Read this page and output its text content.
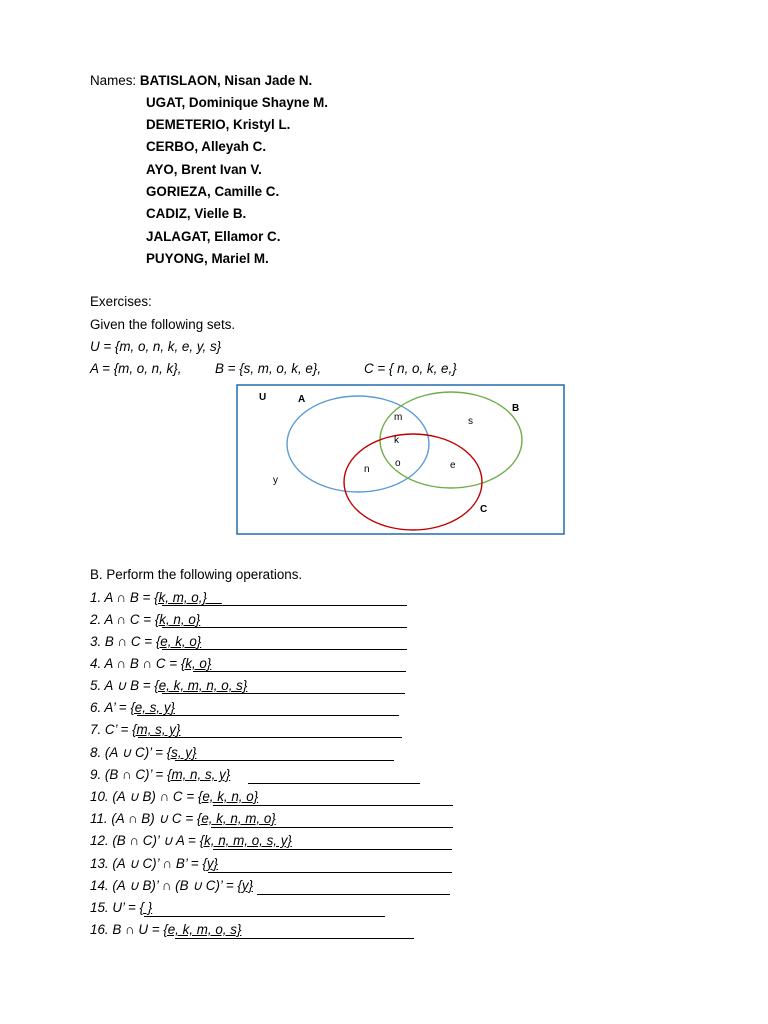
Names: BATISLAON, Nisan Jade N.
UGAT, Dominique Shayne M.
DEMETERIO, Kristyl L.
CERBO, Alleyah C.
AYO, Brent Ivan V.
GORIEZA, Camille C.
CADIZ, Vielle B.
JALAGAT, Ellamor C.
PUYONG, Mariel M.
Exercises:
Given the following sets.
U = {m, o, n, k, e, y, s}
A = {m, o, n, k},	B = {s, m, o, k, e},	C = { n, o, k, e,}
U	A
B
C
m	s
k
o
n	e
y
B. Perform the following operations.
1. A ∩ B = {k, m, o,}__
2. A ∩ C = {k, n, o}
3. B ∩ C = {e, k, o}
4. A ∩ B ∩ C = {k, o}
5. A ∪ B = {e, k, m, n, o, s}
6. A’ = {e, s, y}
7. C’ = {m, s, y}
8. (A ∪ C)’ = {s, y}
9. (B ∩ C)’ = {m, n, s, y}
10. (A ∪ B) ∩ C = {e, k, n, o}
11. (A ∩ B) ∪ C = {e, k, n, m, o}
12. (B ∩ C)’ ∪ A = {k, n, m, o, s, y}
13. (A ∪ C)’ ∩ B’ = {y}
14. (A ∪ B)’ ∩ (B ∪ C)’ = {y}
15. U’ = { }
16. B ∩ U = {e, k, m, o, s}
